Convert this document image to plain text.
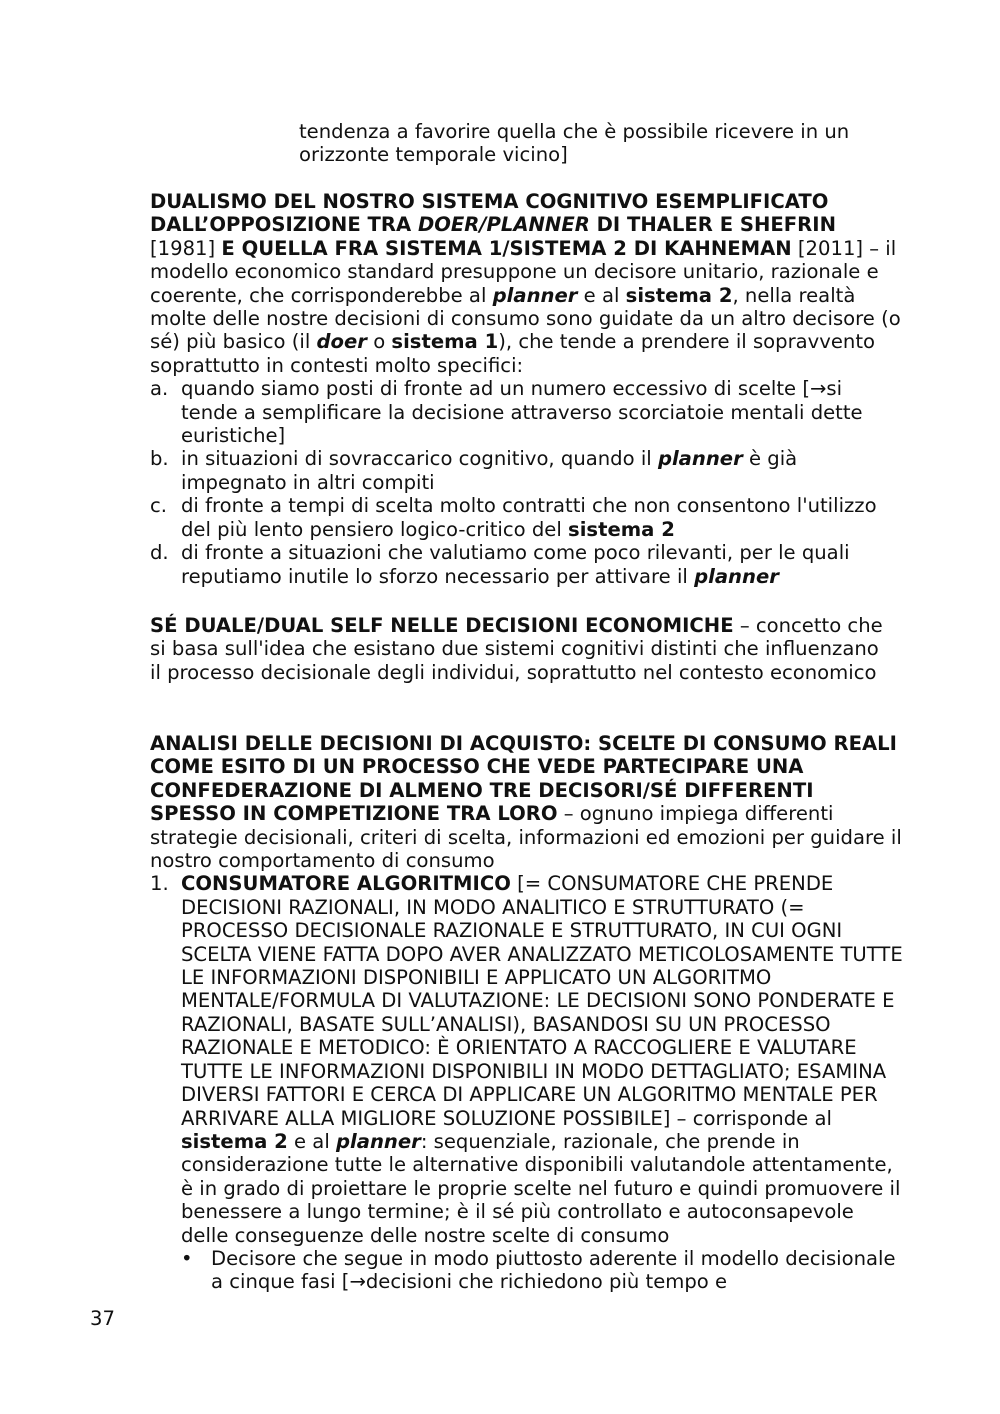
tendenza a favorire quella che è possibile ricevere in un orizzonte temporale vicino]

DUALISMO DEL NOSTRO SISTEMA COGNITIVO ESEMPLIFICATO DALL’OPPOSIZIONE TRA DOER/PLANNER DI THALER E SHEFRIN [1981] E QUELLA FRA SISTEMA 1/SISTEMA 2 DI KAHNEMAN [2011] – il modello economico standard presuppone un decisore unitario, razionale e coerente, che corrisponderebbe al planner e al sistema 2, nella realtà molte delle nostre decisioni di consumo sono guidate da un altro decisore (o sé) più basico (il doer o sistema 1), che tende a prendere il sopravvento soprattutto in contesti molto specifici:

a. quando siamo posti di fronte ad un numero eccessivo di scelte [→si tende a semplificare la decisione attraverso scorciatoie mentali dette euristiche]
b. in situazioni di sovraccarico cognitivo, quando il planner è già impegnato in altri compiti
c. di fronte a tempi di scelta molto contratti che non consentono l'utilizzo del più lento pensiero logico-critico del sistema 2
d. di fronte a situazioni che valutiamo come poco rilevanti, per le quali reputiamo inutile lo sforzo necessario per attivare il planner

SÉ DUALE/DUAL SELF NELLE DECISIONI ECONOMICHE – concetto che si basa sull'idea che esistano due sistemi cognitivi distinti che influenzano il processo decisionale degli individui, soprattutto nel contesto economico

ANALISI DELLE DECISIONI DI ACQUISTO: SCELTE DI CONSUMO REALI COME ESITO DI UN PROCESSO CHE VEDE PARTECIPARE UNA CONFEDERAZIONE DI ALMENO TRE DECISORI/SÉ DIFFERENTI SPESSO IN COMPETIZIONE TRA LORO – ognuno impiega differenti strategie decisionali, criteri di scelta, informazioni ed emozioni per guidare il nostro comportamento di consumo

1. CONSUMATORE ALGORITMICO [= CONSUMATORE CHE PRENDE DECISIONI RAZIONALI, IN MODO ANALITICO E STRUTTURATO (= PROCESSO DECISIONALE RAZIONALE E STRUTTURATO, IN CUI OGNI SCELTA VIENE FATTA DOPO AVER ANALIZZATO METICOLOSAMENTE TUTTE LE INFORMAZIONI DISPONIBILI E APPLICATO UN ALGORITMO MENTALE/FORMULA DI VALUTAZIONE: LE DECISIONI SONO PONDERATE E RAZIONALI, BASATE SULL’ANALISI), BASANDOSI SU UN PROCESSO RAZIONALE E METODICO: È ORIENTATO A RACCOGLIERE E VALUTARE TUTTE LE INFORMAZIONI DISPONIBILI IN MODO DETTAGLIATO; ESAMINA DIVERSI FATTORI E CERCA DI APPLICARE UN ALGORITMO MENTALE PER ARRIVARE ALLA MIGLIORE SOLUZIONE POSSIBILE] – corrisponde al sistema 2 e al planner: sequenziale, razionale, che prende in considerazione tutte le alternative disponibili valutandole attentamente, è in grado di proiettare le proprie scelte nel futuro e quindi promuovere il benessere a lungo termine; è il sé più controllato e autoconsapevole delle conseguenze delle nostre scelte di consumo
• Decisore che segue in modo piuttosto aderente il modello decisionale a cinque fasi [→decisioni che richiedono più tempo e
37
